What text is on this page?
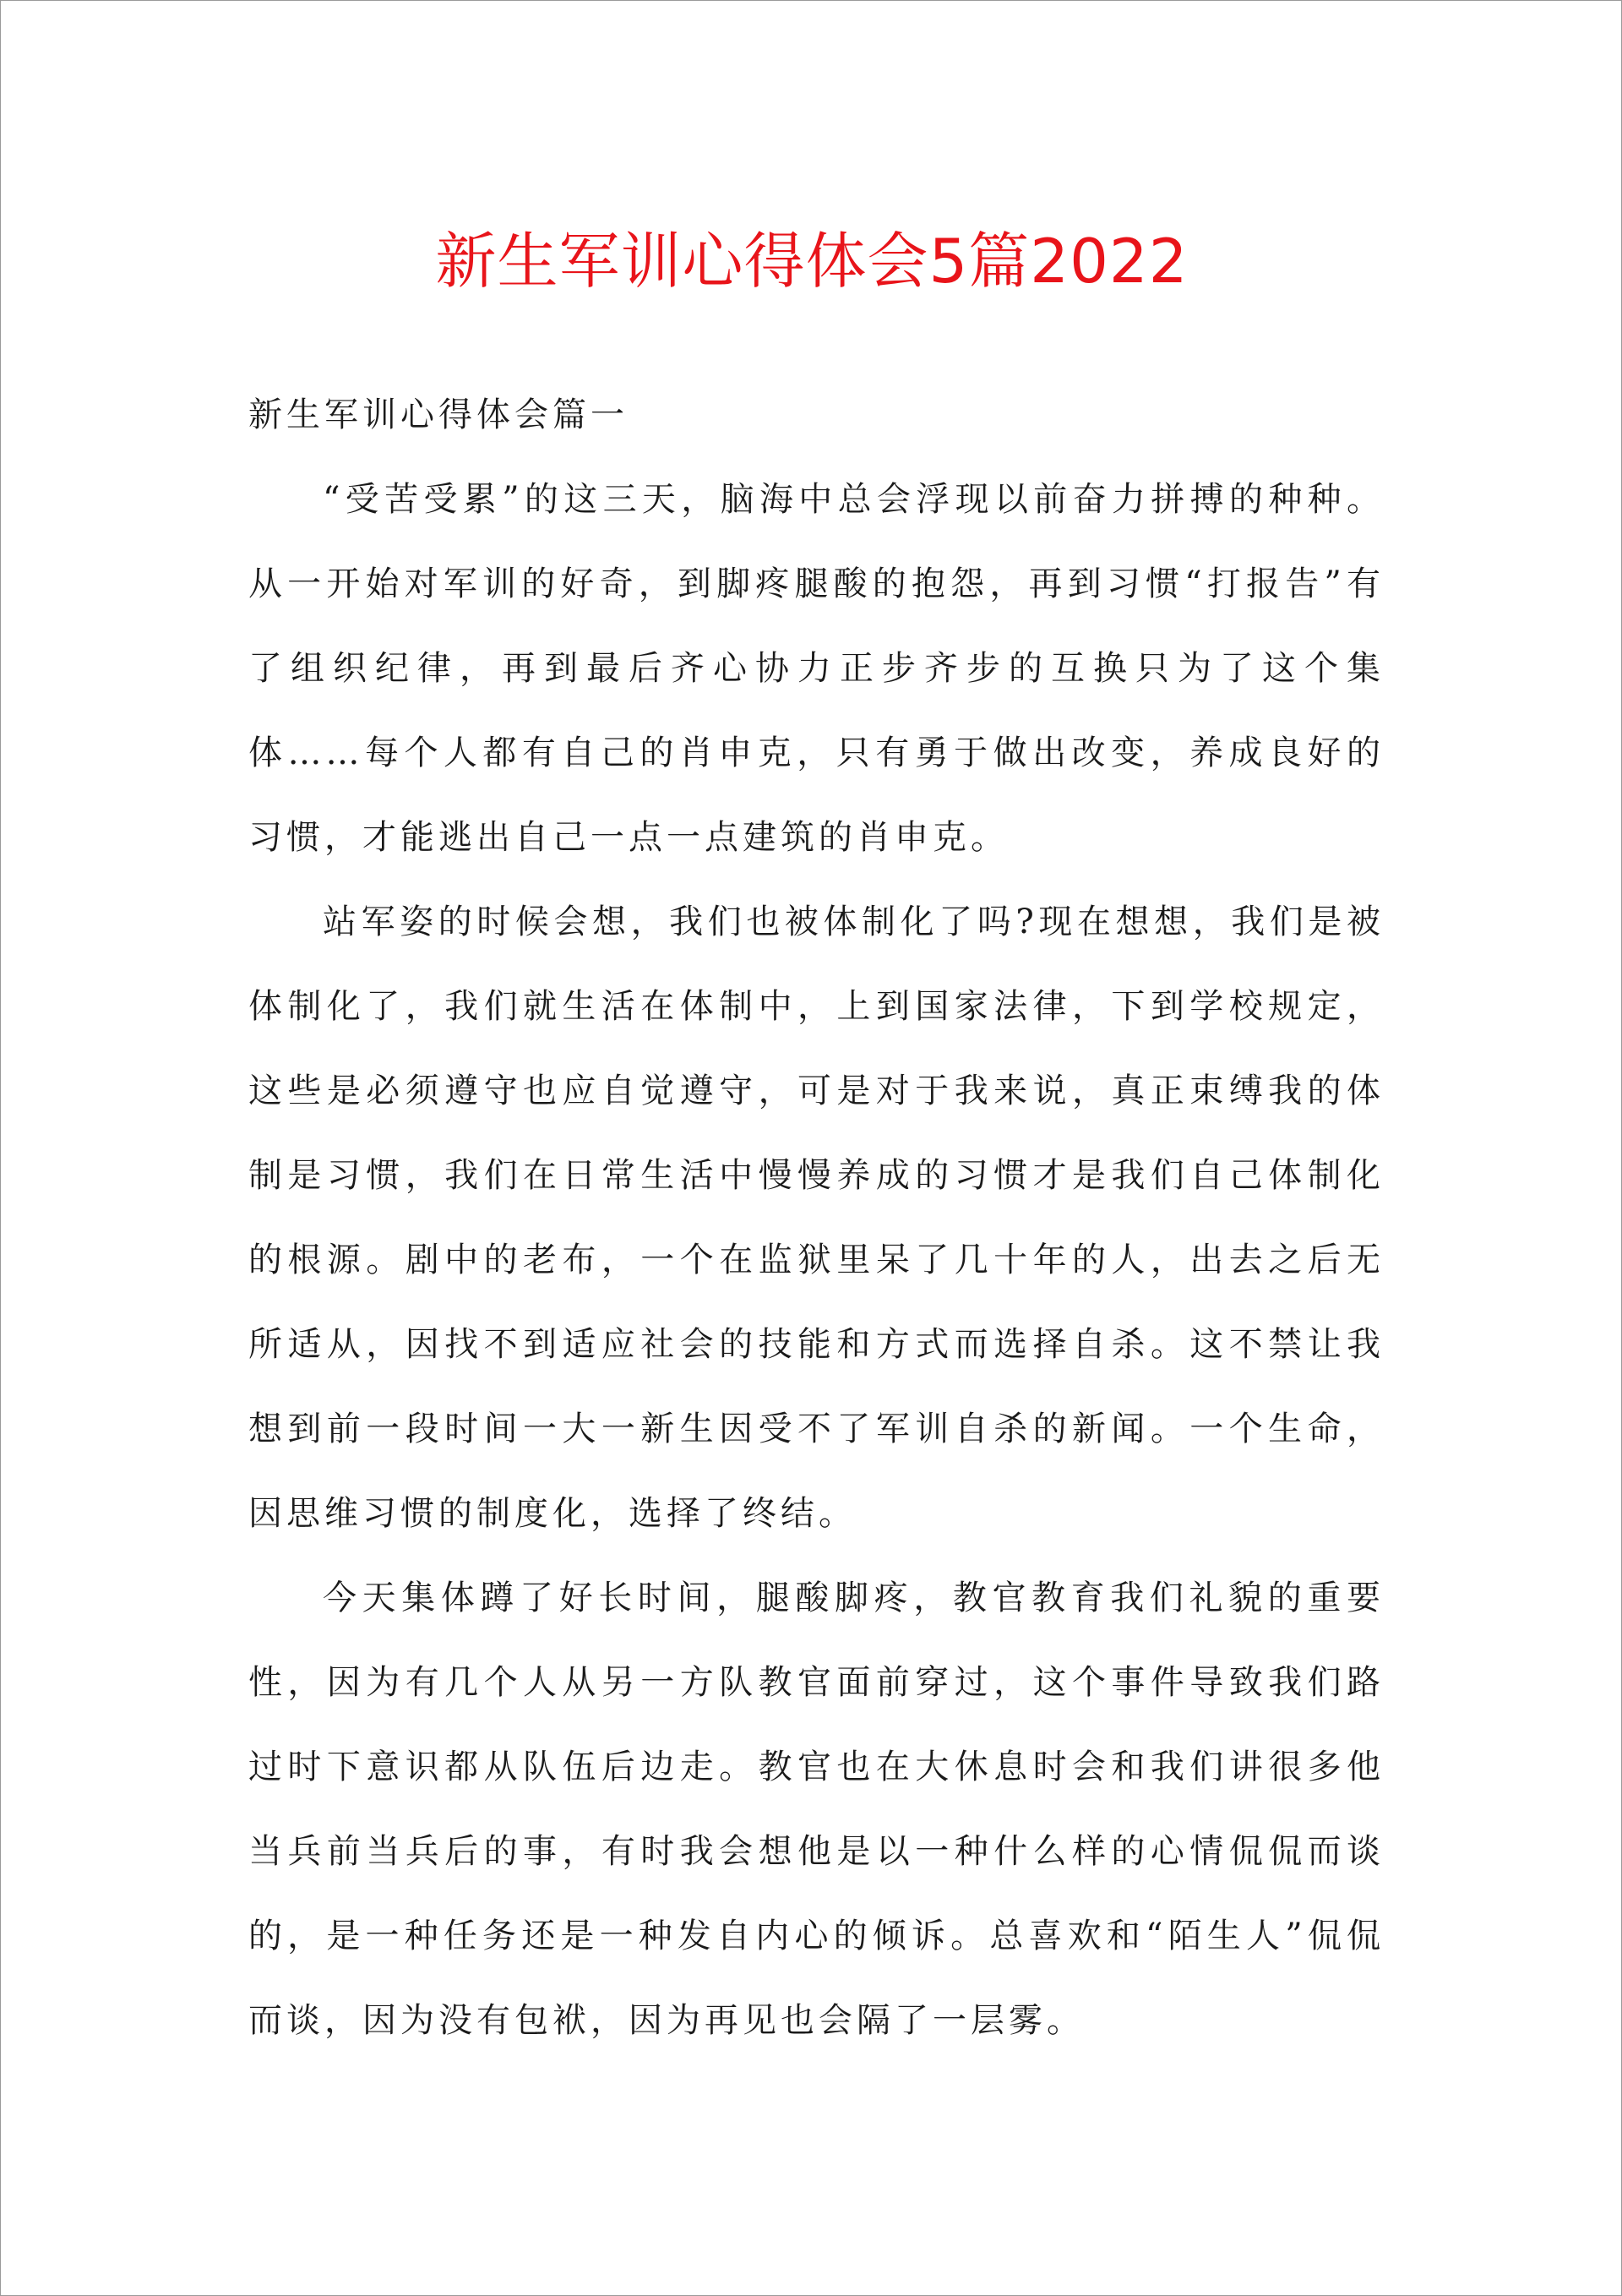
新生军训心得体会5篇2022

新生军训心得体会篇一

“受苦受累”的这三天，脑海中总会浮现以前奋力拼搏的种种。从一开始对军训的好奇，到脚疼腿酸的抱怨，再到习惯“打报告”有了组织纪律，再到最后齐心协力正步齐步的互换只为了这个集体……每个人都有自己的肖申克，只有勇于做出改变，养成良好的习惯，才能逃出自己一点一点建筑的肖申克。

站军姿的时候会想，我们也被体制化了吗?现在想想，我们是被体制化了，我们就生活在体制中，上到国家法律，下到学校规定，这些是必须遵守也应自觉遵守，可是对于我来说，真正束缚我的体制是习惯，我们在日常生活中慢慢养成的习惯才是我们自己体制化的根源。剧中的老布，一个在监狱里呆了几十年的人，出去之后无所适从，因找不到适应社会的技能和方式而选择自杀。这不禁让我想到前一段时间一大一新生因受不了军训自杀的新闻。一个生命，因思维习惯的制度化，选择了终结。

今天集体蹲了好长时间，腿酸脚疼，教官教育我们礼貌的重要性，因为有几个人从另一方队教官面前穿过，这个事件导致我们路过时下意识都从队伍后边走。教官也在大休息时会和我们讲很多他当兵前当兵后的事，有时我会想他是以一种什么样的心情侃侃而谈的，是一种任务还是一种发自内心的倾诉。总喜欢和“陌生人”侃侃而谈，因为没有包袱，因为再见也会隔了一层雾。
